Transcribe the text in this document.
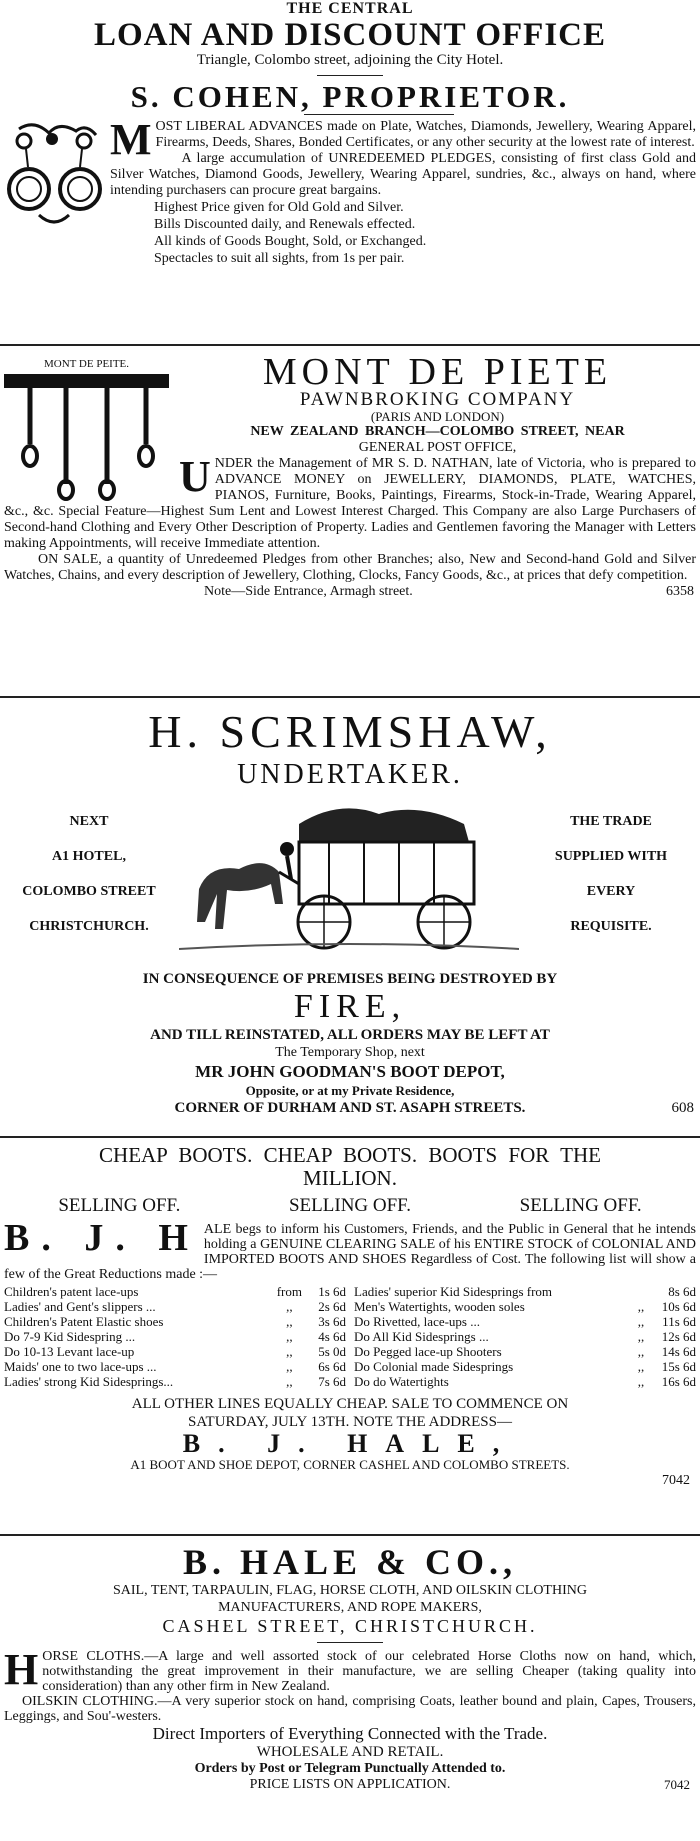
THE CENTRAL
LOAN AND DISCOUNT OFFICE
Triangle, Colombo street, adjoining the City Hotel.
S. COHEN, PROPRIETOR.

MOST LIBERAL ADVANCES made on Plate, Watches, Diamonds, Jewellery, Wearing Apparel, Firearms, Deeds, Shares, Bonded Certificates, or any other security at the lowest rate of interest.

A large accumulation of UNREDEEMED PLEDGES, consisting of first class Gold and Silver Watches, Diamond Goods, Jewellery, Wearing Apparel, sundries, &c., always on hand, where intending purchasers can procure great bargains.

Highest Price given for Old Gold and Silver.
Bills Discounted daily, and Renewals effected.
All kinds of Goods Bought, Sold, or Exchanged.
Spectacles to suit all sights, from 1s per pair.
MONT DE PEITE.	MONT DE PIETE
PAWNBROKING COMPANY
(PARIS AND LONDON)
NEW ZEALAND BRANCH—COLOMBO STREET, NEAR
GENERAL POST OFFICE,

UNDER the Management of MR S. D. NATHAN, late of Victoria, who is prepared to ADVANCE MONEY on JEWELLERY, DIAMONDS, PLATE, WATCHES, PIANOS, Furniture, Books, Paintings, Firearms, Stock-in-Trade, Wearing Apparel, &c., &c. Special Feature—Highest Sum Lent and Lowest Interest Charged. This Company are also Large Purchasers of Second-hand Clothing and Every Other Description of Property. Ladies and Gentlemen favoring the Manager with Letters making Appointments, will receive Immediate attention.

ON SALE, a quantity of Unredeemed Pledges from other Branches; also, New and Second-hand Gold and Silver Watches, Chains, and every description of Jewellery, Clothing, Clocks, Fancy Goods, &c., at prices that defy competition.

Note—Side Entrance, Armagh street.	6358
H. SCRIMSHAW,
UNDERTAKER.
NEXT
A1 HOTEL,
COLOMBO STREET
CHRISTCHURCH.
THE TRADE
SUPPLIED WITH
EVERY
REQUISITE.
IN CONSEQUENCE OF PREMISES BEING DESTROYED BY
FIRE,
AND TILL REINSTATED, ALL ORDERS MAY BE LEFT AT
The Temporary Shop, next
MR JOHN GOODMAN'S BOOT DEPOT,
Opposite, or at my Private Residence,
CORNER OF DURHAM AND ST. ASAPH STREETS.	608
CHEAP BOOTS. CHEAP BOOTS. BOOTS FOR THE
MILLION.
SELLING OFF.	SELLING OFF.	SELLING OFF.

B. J. H ALE begs to inform his Customers, Friends, and the Public in General that he intends holding a GENUINE CLEARING SALE of his ENTIRE STOCK of COLONIAL AND IMPORTED BOOTS AND SHOES Regardless of Cost. The following list will show a few of the Great Reductions made :—

Children's patent lace-ups	from	1s 6d
Ladies' and Gent's slippers ...	,,	2s 6d
Children's Patent Elastic shoes	,,	3s 6d
Do 7-9 Kid Sidespring ...	,,	4s 6d
Do 10-13 Levant lace-up	,,	5s 0d
Maids' one to two lace-ups ...	,,	6s 6d
Ladies' strong Kid Sidesprings...	,,	7s 6d
Ladies' superior Kid Sidesprings from		8s 6d
Men's Watertights, wooden soles	,,	10s 6d
Do Rivetted, lace-ups ...	,,	11s 6d
Do All Kid Sidesprings ...	,,	12s 6d
Do Pegged lace-up Shooters	,,	14s 6d
Do Colonial made Sidesprings	,,	15s 6d
Do do Watertights	,,	16s 6d
ALL OTHER LINES EQUALLY CHEAP. SALE TO COMMENCE ON
SATURDAY, JULY 13TH. NOTE THE ADDRESS—
B. J. HALE,
A1 BOOT AND SHOE DEPOT, CORNER CASHEL AND COLOMBO STREETS.
7042
B. HALE & CO.,
SAIL, TENT, TARPAULIN, FLAG, HORSE CLOTH, AND OILSKIN CLOTHING
MANUFACTURERS, AND ROPE MAKERS,
CASHEL STREET, CHRISTCHURCH.

HORSE CLOTHS.—A large and well assorted stock of our celebrated Horse Cloths now on hand, which, notwithstanding the great improvement in their manufacture, we are selling Cheaper (taking quality into consideration) than any other firm in New Zealand.

OILSKIN CLOTHING.—A very superior stock on hand, comprising Coats, leather bound and plain, Capes, Trousers, Leggings, and Sou'-westers.

Direct Importers of Everything Connected with the Trade.
WHOLESALE AND RETAIL.
Orders by Post or Telegram Punctually Attended to.
PRICE LISTS ON APPLICATION.	7042
